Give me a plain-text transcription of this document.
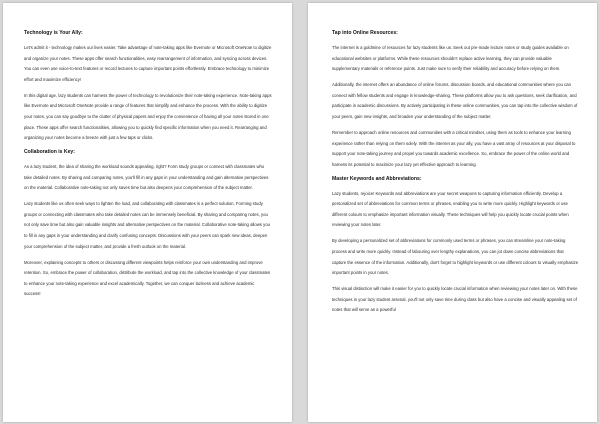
Technology is Your Ally:

Let's admit it - technology makes our lives easier. Take advantage of note-taking apps like Evernote or Microsoft OneNote to digitize and organize your notes. These apps offer search functionalities, easy rearrangement of information, and syncing across devices. You can even use voice-to-text features or record lectures to capture important points effortlessly. Embrace technology to minimize effort and maximize efficiency!

In this digital age, lazy students can harness the power of technology to revolutionize their note-taking experience. Note-taking apps like Evernote and Microsoft OneNote provide a range of features that simplify and enhance the process. With the ability to digitize your notes, you can say goodbye to the clutter of physical papers and enjoy the convenience of having all your notes stored in one place. These apps offer search functionalities, allowing you to quickly find specific information when you need it. Rearranging and organizing your notes become a breeze with just a few taps or clicks.

Collaboration is Key:

As a lazy student, the idea of sharing the workload sounds appealing, right? Form study groups or connect with classmates who take detailed notes. By sharing and comparing notes, you'll fill in any gaps in your understanding and gain alternative perspectives on the material. Collaborative note-taking not only saves time but also deepens your comprehension of the subject matter.

Lazy students like us often seek ways to lighten the load, and collaborating with classmates is a perfect solution. Forming study groups or connecting with classmates who take detailed notes can be immensely beneficial. By sharing and comparing notes, you not only save time but also gain valuable insights and alternative perspectives on the material. Collaborative note-taking allows you to fill in any gaps in your understanding and clarify confusing concepts. Discussions with your peers can spark new ideas, deepen your comprehension of the subject matter, and provide a fresh outlook on the material.

Moreover, explaining concepts to others or discussing different viewpoints helps reinforce your own understanding and improve retention. So, embrace the power of collaboration, distribute the workload, and tap into the collective knowledge of your classmates to enhance your note-taking experience and excel academically. Together, we can conquer laziness and achieve academic success!

Tap into Online Resources:

The internet is a goldmine of resources for lazy students like us. Seek out pre-made lecture notes or study guides available on educational websites or platforms. While these resources shouldn't replace active learning, they can provide valuable supplementary materials or reference points. Just make sure to verify their reliability and accuracy before relying on them.

Additionally, the internet offers an abundance of online forums, discussion boards, and educational communities where you can connect with fellow students and engage in knowledge-sharing. These platforms allow you to ask questions, seek clarification, and participate in academic discussions. By actively participating in these online communities, you can tap into the collective wisdom of your peers, gain new insights, and broaden your understanding of the subject matter.

Remember to approach online resources and communities with a critical mindset, using them as tools to enhance your learning experience rather than relying on them solely. With the internet as your ally, you have a vast array of resources at your disposal to support your note-taking journey and propel you towards academic excellence. So, embrace the power of the online world and harness its potential to maximize your lazy yet effective approach to learning.

Master Keywords and Abbreviations:

Lazy students, rejoice! Keywords and abbreviations are your secret weapons to capturing information efficiently. Develop a personalized set of abbreviations for common terms or phrases, enabling you to write more quickly. Highlight keywords or use different colours to emphasize important information visually. These techniques will help you quickly locate crucial points when reviewing your notes later.

By developing a personalized set of abbreviations for commonly used terms or phrases, you can streamline your note-taking process and write more quickly. Instead of labouring over lengthy explanations, you can jot down concise abbreviations that capture the essence of the information. Additionally, don't forget to highlight keywords or use different colours to visually emphasize important points in your notes.

This visual distinction will make it easier for you to quickly locate crucial information when reviewing your notes later on. With these techniques in your lazy student arsenal, you'll not only save time during class but also have a concise and visually appealing set of notes that will serve as a powerful
